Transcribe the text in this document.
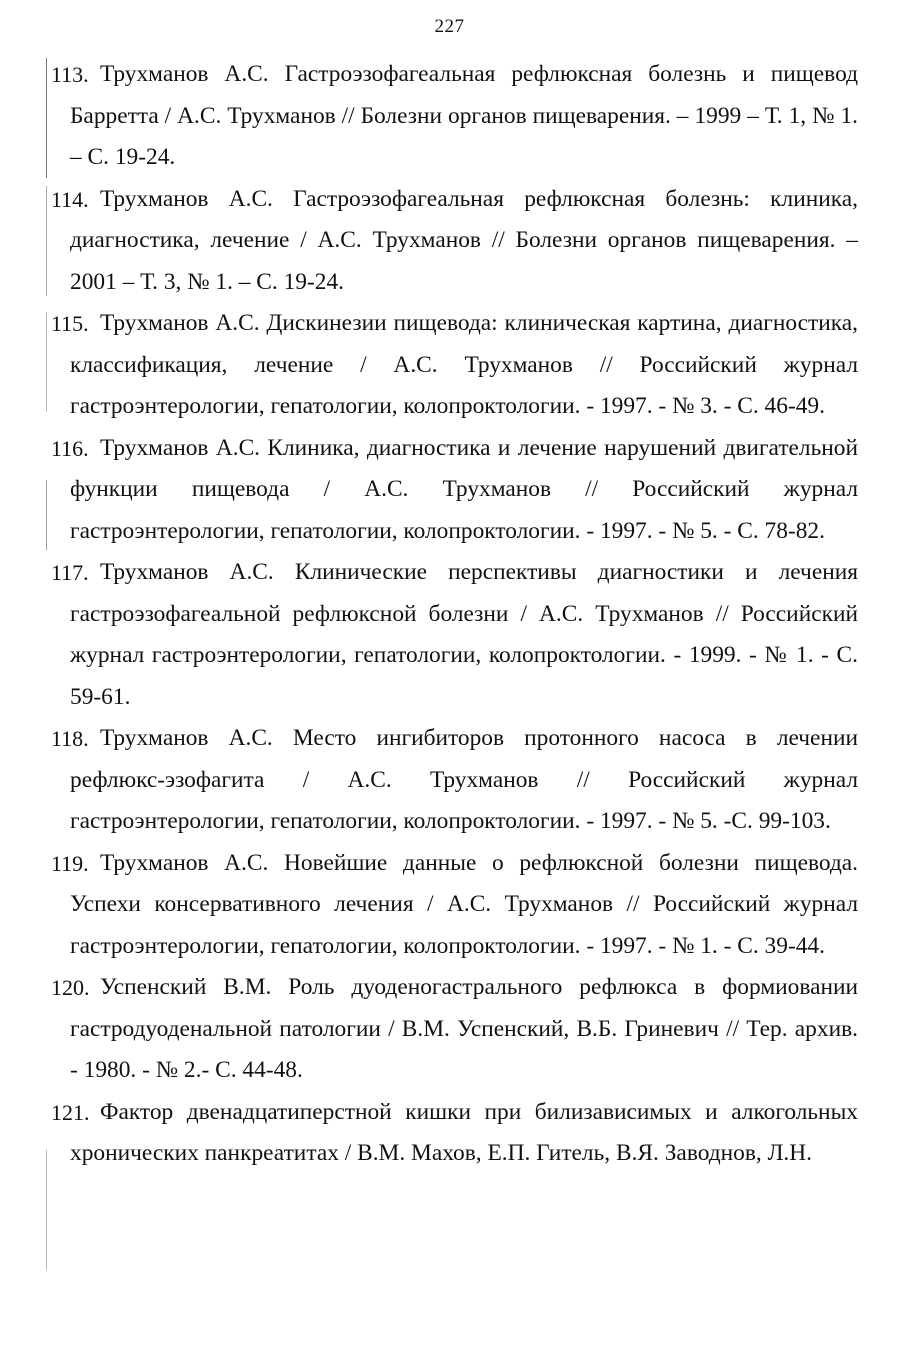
227
113. Трухманов А.С. Гастроэзофагеальная рефлюксная болезнь и пищевод Барретта / А.С. Трухманов // Болезни органов пищеварения. – 1999 – Т. 1, № 1. – С. 19-24.
114. Трухманов А.С. Гастроэзофагеальная рефлюксная болезнь: клиника, диагностика, лечение / А.С. Трухманов // Болезни органов пищеварения. – 2001 – Т. 3, № 1. – С. 19-24.
115. Трухманов А.С. Дискинезии пищевода: клиническая картина, диагностика, классификация, лечение / А.С. Трухманов // Российский журнал гастроэнтерологии, гепатологии, колопроктологии. - 1997. - № 3. - С. 46-49.
116. Трухманов А.С. Клиника, диагностика и лечение нарушений двигательной функции пищевода / А.С. Трухманов // Российский журнал гастроэнтерологии, гепатологии, колопроктологии. - 1997. - № 5. - С. 78-82.
117. Трухманов А.С. Клинические перспективы диагностики и лечения гастроэзофагеальной рефлюксной болезни / А.С. Трухманов // Российский журнал гастроэнтерологии, гепатологии, колопроктологии. - 1999. - № 1. - С. 59-61.
118. Трухманов А.С. Место ингибиторов протонного насоса в лечении рефлюкс-эзофагита / А.С. Трухманов // Российский журнал гастроэнтерологии, гепатологии, колопроктологии. - 1997. - № 5. -С. 99-103.
119. Трухманов А.С. Новейшие данные о рефлюксной болезни пищевода. Успехи консервативного лечения / А.С. Трухманов // Российский журнал гастроэнтерологии, гепатологии, колопроктологии. - 1997. - № 1. - С. 39-44.
120. Успенский В.М. Роль дуоденогастрального рефлюкса в формиовании гастродуоденальной патологии / В.М. Успенский, В.Б. Гриневич // Тер. архив. - 1980. - № 2.- С. 44-48.
121. Фактор двенадцатиперстной кишки при билизависимых и алкогольных хронических панкреатитах / В.М. Махов, Е.П. Гитель, В.Я. Заводнов, Л.Н.
